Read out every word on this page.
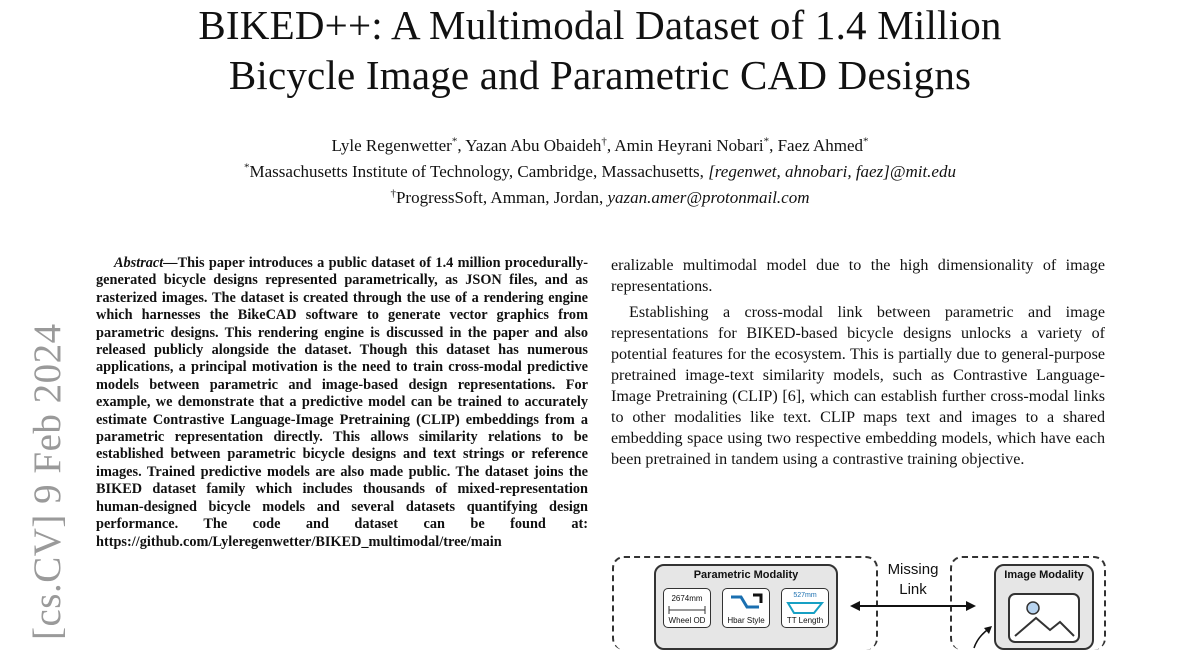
BIKED++: A Multimodal Dataset of 1.4 Million
Bicycle Image and Parametric CAD Designs
Lyle Regenwetter*, Yazan Abu Obaideh†, Amin Heyrani Nobari*, Faez Ahmed*
*Massachusetts Institute of Technology, Cambridge, Massachusetts, [regenwet, ahnobari, faez]@mit.edu
†ProgressSoft, Amman, Jordan, yazan.amer@protonmail.com
[cs.CV] 9 Feb 2024
Abstract—This paper introduces a public dataset of 1.4 million procedurally-generated bicycle designs represented parametrically, as JSON files, and as rasterized images. The dataset is created through the use of a rendering engine which harnesses the BikeCAD software to generate vector graphics from parametric designs. This rendering engine is discussed in the paper and also released publicly alongside the dataset. Though this dataset has numerous applications, a principal motivation is the need to train cross-modal predictive models between parametric and image-based design representations. For example, we demonstrate that a predictive model can be trained to accurately estimate Contrastive Language-Image Pretraining (CLIP) embeddings from a parametric representation directly. This allows similarity relations to be established between parametric bicycle designs and text strings or reference images. Trained predictive models are also made public. The dataset joins the BIKED dataset family which includes thousands of mixed-representation human-designed bicycle models and several datasets quantifying design performance. The code and dataset can be found at: https://github.com/Lyleregenwetter/BIKED_multimodal/tree/main

eralizable multimodal model due to the high dimensionality of image representations.

Establishing a cross-modal link between parametric and image representations for BIKED-based bicycle designs unlocks a variety of potential features for the ecosystem. This is partially due to general-purpose pretrained image-text similarity models, such as Contrastive Language-Image Pretraining (CLIP) [6], which can establish further cross-modal links to other modalities like text. CLIP maps text and images to a shared embedding space using two respective embedding models, which have each been pretrained in tandem using a contrastive training objective.

Parametric Modality
2674mm
Wheel OD	Hbar Style
527mm
TT Length
Missing
Link
Image Modality
